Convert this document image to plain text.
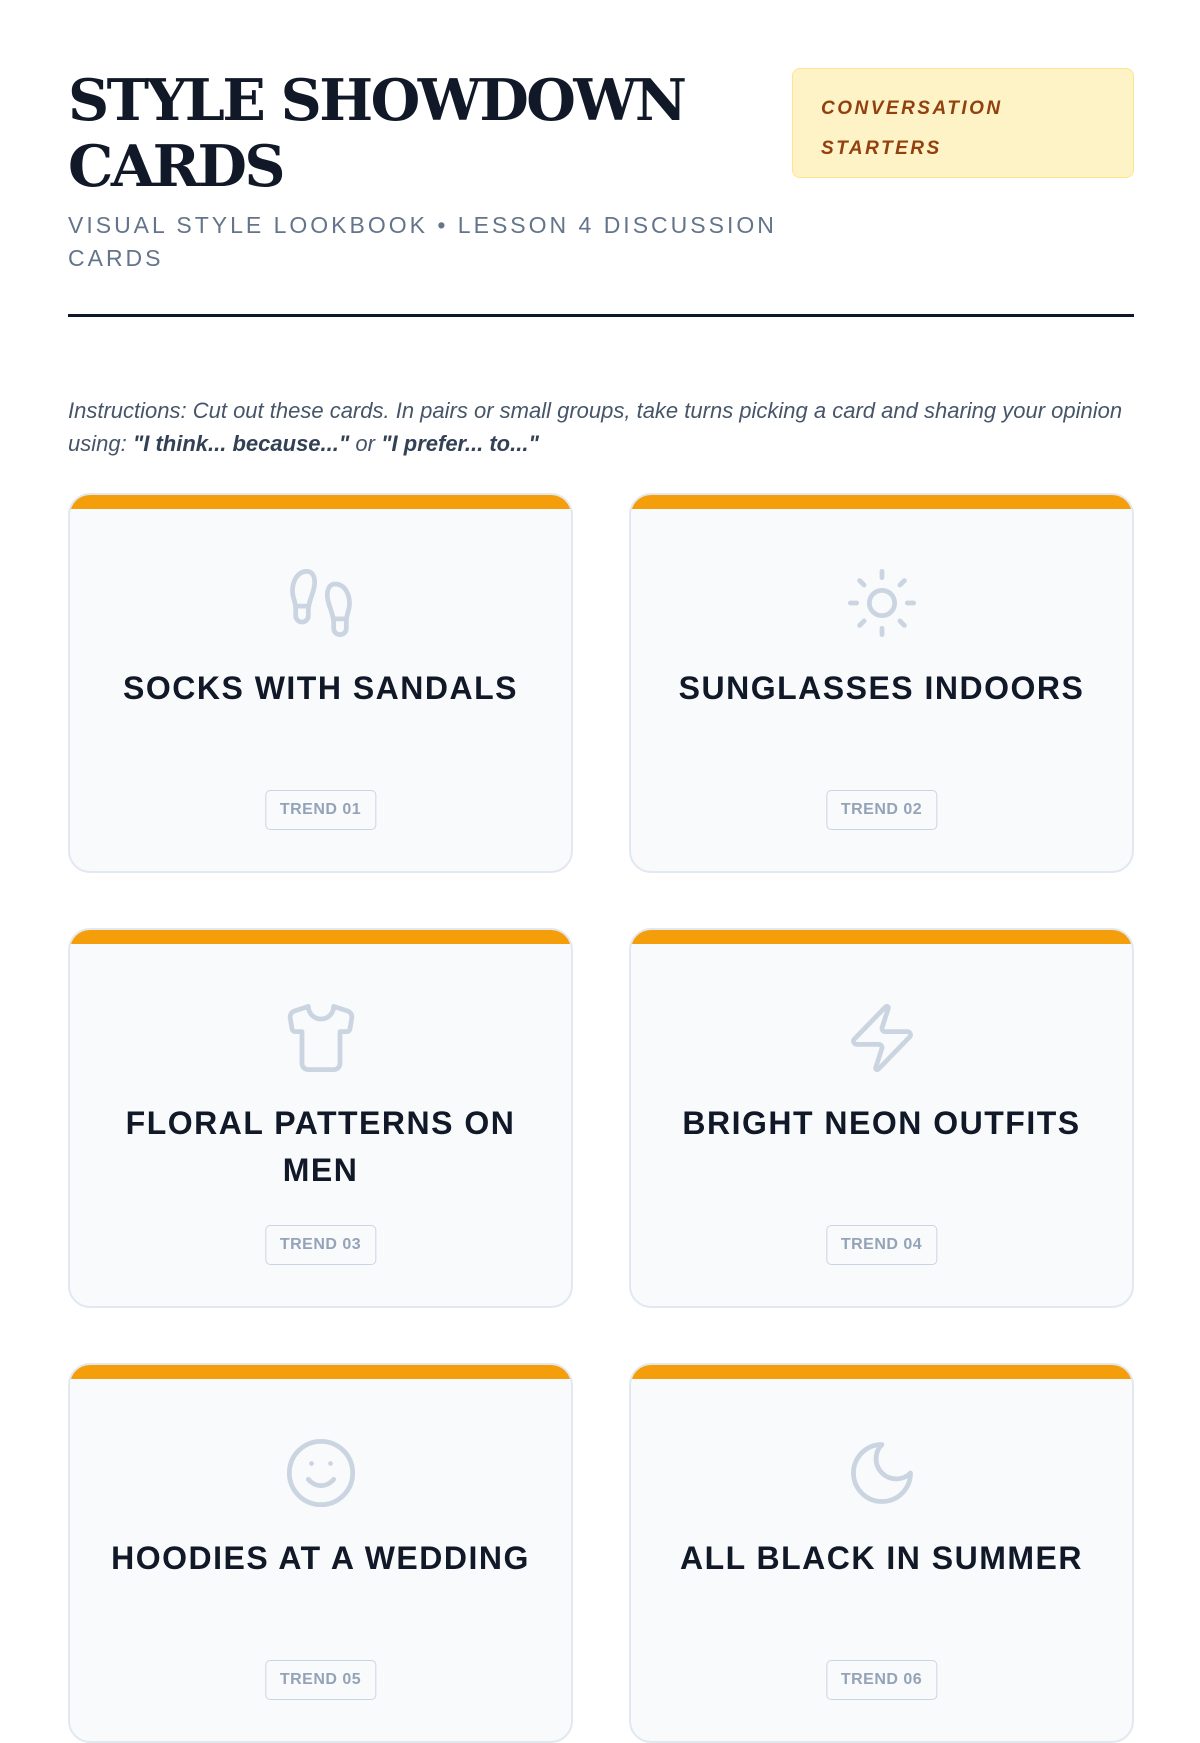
STYLE SHOWDOWN CARDS
VISUAL STYLE LOOKBOOK • LESSON 4 DISCUSSION CARDS
CONVERSATION
STARTERS

Instructions: Cut out these cards. In pairs or small groups, take turns picking a card and sharing your opinion using: "I think... because..." or "I prefer... to..."

SOCKS WITH SANDALS
TREND 01
SUNGLASSES INDOORS
TREND 02
FLORAL PATTERNS ON MEN
TREND 03
BRIGHT NEON OUTFITS
TREND 04
HOODIES AT A WEDDING
TREND 05
ALL BLACK IN SUMMER
TREND 06
